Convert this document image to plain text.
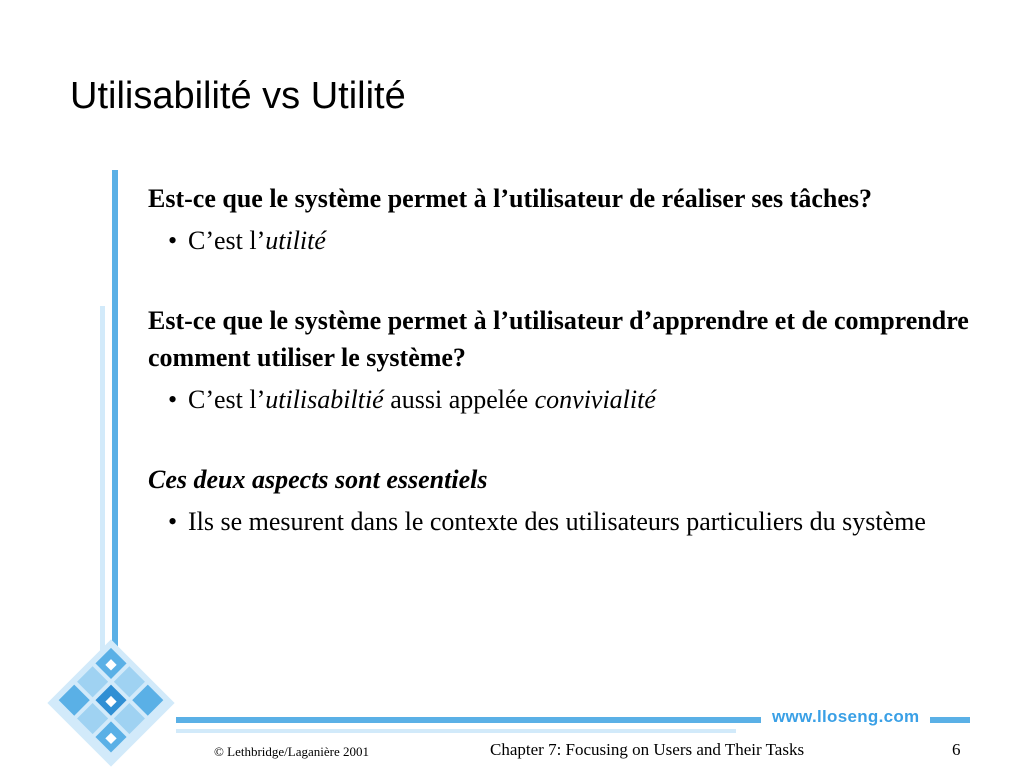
Utilisabilité vs Utilité

Est-ce que le système permet à l’utilisateur de réaliser ses tâches?

• C’est l’utilité

Est-ce que le système permet à l’utilisateur d’apprendre et de comprendre comment utiliser le système?

• C’est l’utilisabiltié aussi appelée convivialité

Ces deux aspects sont essentiels

• Ils se mesurent dans le contexte des utilisateurs particuliers du système
www.lloseng.com
© Lethbridge/Laganière 2001	Chapter 7: Focusing on Users and Their Tasks	6
